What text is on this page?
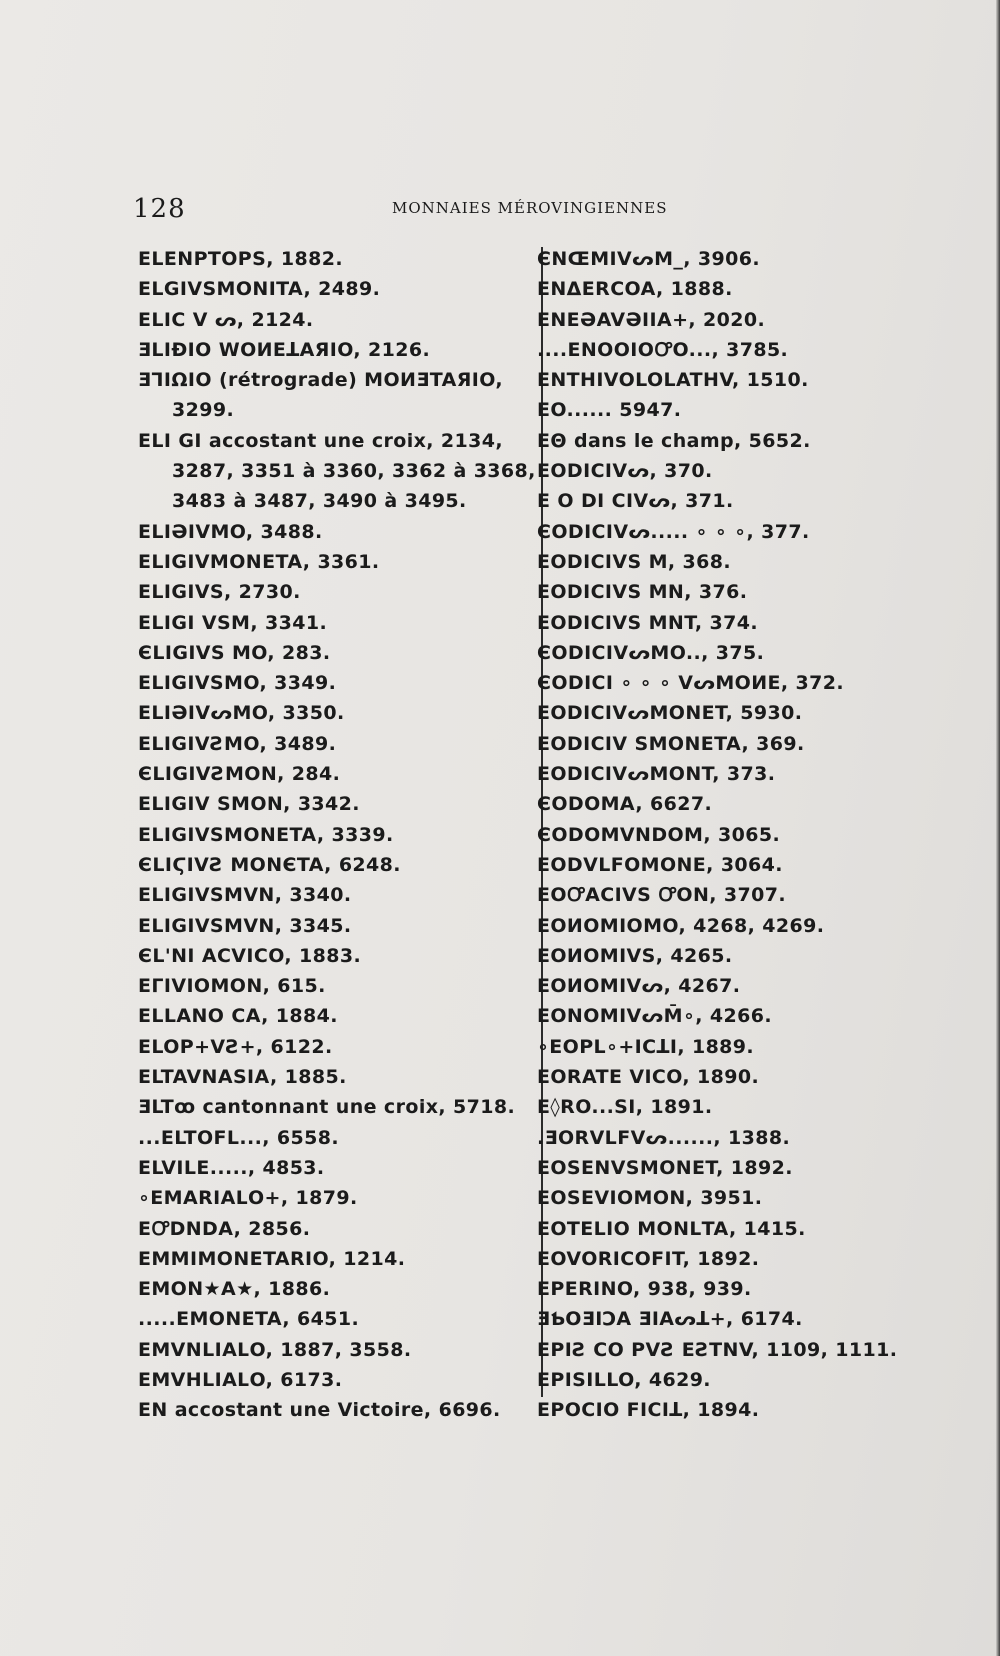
128	MONNAIES MÉROVINGIENNES
ELENPTOPS, 1882.
ELGIVSMONITA, 2489.
ELIC V ᔕ, 2124.
ƎLIÐIO WOИEꓕAЯIO, 2126.
ƎꞀIΩIO (rétrograde) MOИƎTAЯIO,
3299.
ELI GI accostant une croix, 2134,
3287, 3351 à 3360, 3362 à 3368,
3483 à 3487, 3490 à 3495.
ELIƏIVMO, 3488.
ELIGIVMONETA, 3361.
ELIGIVS, 2730.
ELIGI VSM, 3341.
ЄLIGIVS MO, 283.
ELIGIVSMO, 3349.
ELIƏIVᔕMO, 3350.
ELIGIVƧMO, 3489.
ЄLIGIVƧMON, 284.
ELIGIV SMON, 3342.
ELIGIVSMONETA, 3339.
ЄLIϚIVƧ MONЄTA, 6248.
ELIGIVSMVN, 3340.
ELIGIVSMVN, 3345.
ЄL'NI ACVICO, 1883.
EΓIVIOMON, 615.
ELLANO CA, 1884.
ELOP+VƧ+, 6122.
ELTAVNASIA, 1885.
ƎLTꝏ cantonnant une croix, 5718.
...ELTOFL..., 6558.
ELVILE....., 4853.
∘EMARIAᒪO+, 1879.
EꝌDNDA, 2856.
EMMIMONETARIO, 1214.
EMON★A★, 1886.
.....EMONETA, 6451.
EMVNLIAᒪO, 1887, 3558.
EMVHLIAᒪO, 6173.
EN accostant une Victoire, 6696.
ЄNŒMIVᔕM_, 3906.
ENΔERCOA, 1888.
ENEƏAVƏIIA+, 2020.
....ENOOIOꝌO..., 3785.
ENTHIVOLOLATHV, 1510.
EO...... 5947.
EΘ dans le champ, 5652.
EODICIVᔕ, 370.
E O DI CIVᔕ, 371.
ЄODICIVᔕ..... ∘ ∘ ∘, 377.
EODICIVS M, 368.
EODICIVS MN, 376.
EODICIVS MNT, 374.
ЄODICIVᔕMO.., 375.
ЄODICI ∘ ∘ ∘ VᔕMOИE, 372.
EODICIVᔕMONET, 5930.
EODICIV SMONETA, 369.
EODICIVᔕMONT, 373.
ЄODOMA, 6627.
ЄODOMVNDOM, 3065.
EODVLFOMONE, 3064.
EOꝌACIVS ꝌON, 3707.
EOИOMIOMO, 4268, 4269.
EOИOMIVS, 4265.
EOИOMIVᔕ, 4267.
EONOMIVᔕM̄∘, 4266.
∘EOPL∘+ICꓕI, 1889.
EORATE VICO, 1890.
E◊RO...SI, 1891.
.ƎORVLFVᔕ......, 1388.
EOSENVSMONET, 1892.
EOSEVIOMON, 3951.
EOTELIO MONᒪTA, 1415.
EOVORICOFIT, 1892.
EPERINO, 938, 939.
ƎƄOƎIϽA ƎIAᔕꓕ+, 6174.
EPIƧ CO PVƧ EƧTNV, 1109, 1111.
EPISILLO, 4629.
EPOCIO FICIꓕ, 1894.
